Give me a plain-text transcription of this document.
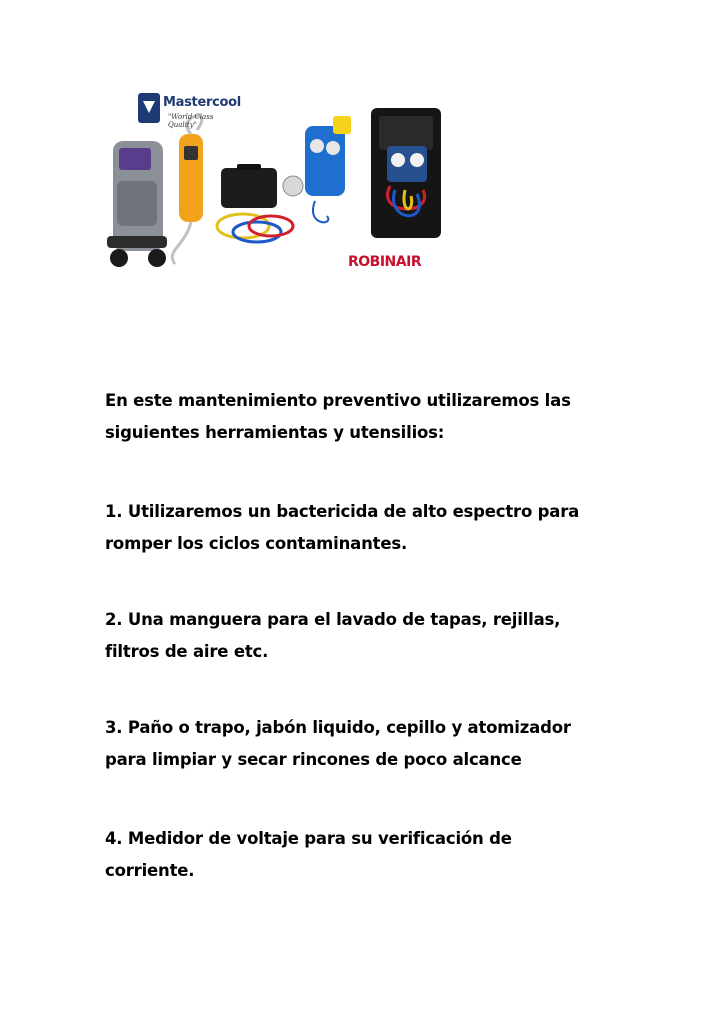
Mastercool
"World Class Quality"
ROBINAIR
En este mantenimiento preventivo utilizaremos las
siguientes herramientas y utensilios:
1. Utilizaremos un bactericida de alto espectro para
romper los ciclos contaminantes.
2. Una manguera para el lavado de tapas, rejillas,
filtros de aire etc.
3. Paño o trapo, jabón liquido, cepillo y atomizador
para limpiar y secar rincones de poco alcance
4. Medidor de voltaje para su verificación de
corriente.
